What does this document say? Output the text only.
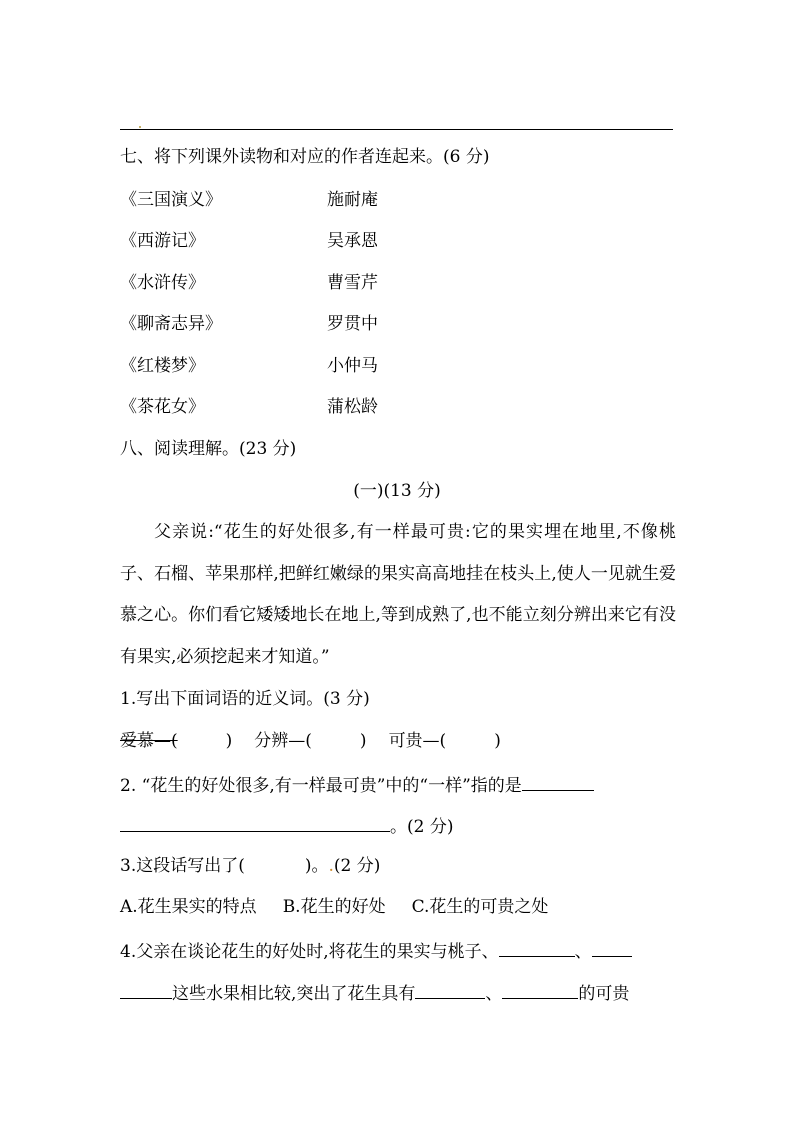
七、将下列课外读物和对应的作者连起来。(6 分)
《三国演义》	施耐庵
《西游记》	吴承恩
《水浒传》	曹雪芹
《聊斋志异》	罗贯中
《红楼梦》	小仲马
《茶花女》	蒲松龄
八、阅读理解。(23 分)
(一)(13 分)
父亲说:“花生的好处很多,有一样最可贵:它的果实埋在地里,不像桃子、石榴、苹果那样,把鲜红嫩绿的果实高高地挂在枝头上,使人一见就生爱慕之心。你们看它矮矮地长在地上,等到成熟了,也不能立刻分辨出来它有没有果实,必须挖起来才知道。”
1.写出下面词语的近义词。(3 分)
爱慕—(	) 分辨—(	) 可贵—(	)
2. “花生的好处很多,有一样最可贵”中的“一样”指的是
。(2 分)
3.这段话写出了(	)。.(2 分)
A.花生果实的特点 B.花生的好处 C.花生的可贵之处
4.父亲在谈论花生的好处时,将花生的果实与桃子、	、
这些水果相比较,突出了花生具有	、	的可贵
